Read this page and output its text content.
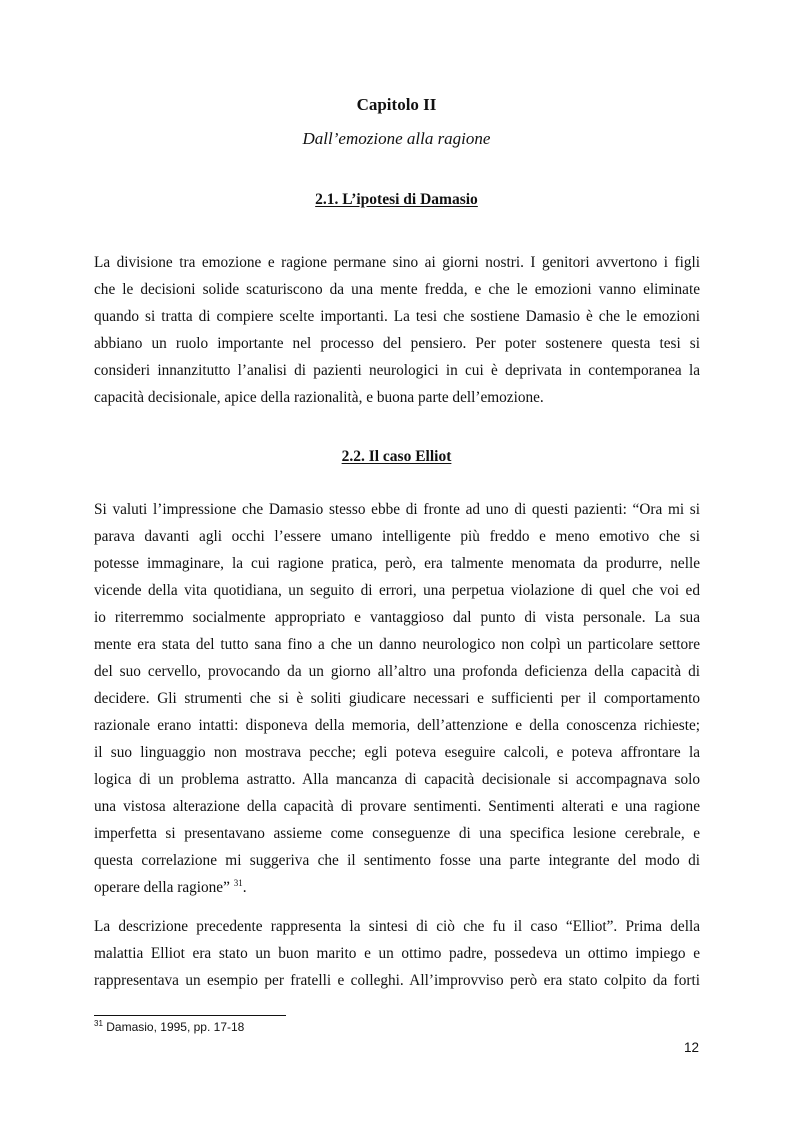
Capitolo II
Dall’emozione alla ragione
2.1. L’ipotesi di Damasio
La divisione tra emozione e ragione permane sino ai giorni nostri. I genitori avvertono i figli
che le decisioni solide scaturiscono da una mente fredda, e che le emozioni vanno eliminate
quando si tratta di compiere scelte importanti. La tesi che sostiene Damasio è che le emozioni
abbiano un ruolo importante nel processo del pensiero. Per poter sostenere questa tesi si
consideri innanzitutto l’analisi di pazienti neurologici in cui è deprivata in contemporanea la
capacità decisionale, apice della razionalità, e buona parte dell’emozione.
2.2. Il caso Elliot
Si valuti l’impressione che Damasio stesso ebbe di fronte ad uno di questi pazienti: “Ora mi si
parava davanti agli occhi l’essere umano intelligente più freddo e meno emotivo che si
potesse immaginare, la cui ragione pratica, però, era talmente menomata da produrre, nelle
vicende della vita quotidiana, un seguito di errori, una perpetua violazione di quel che voi ed
io riterremmo socialmente appropriato e vantaggioso dal punto di vista personale. La sua
mente era stata del tutto sana fino a che un danno neurologico non colpì un particolare settore
del suo cervello, provocando da un giorno all’altro una profonda deficienza della capacità di
decidere. Gli strumenti che si è soliti giudicare necessari e sufficienti per il comportamento
razionale erano intatti: disponeva della memoria, dell’attenzione e della conoscenza richieste;
il suo linguaggio non mostrava pecche; egli poteva eseguire calcoli, e poteva affrontare la
logica di un problema astratto. Alla mancanza di capacità decisionale si accompagnava solo
una vistosa alterazione della capacità di provare sentimenti. Sentimenti alterati e una ragione
imperfetta si presentavano assieme come conseguenze di una specifica lesione cerebrale, e
questa correlazione mi suggeriva che il sentimento fosse una parte integrante del modo di
operare della ragione” $^{31}$.
La descrizione precedente rappresenta la sintesi di ciò che fu il caso “Elliot”. Prima della
malattia Elliot era stato un buon marito e un ottimo padre, possedeva un ottimo impiego e
rappresentava un esempio per fratelli e colleghi. All’improvviso però era stato colpito da forti
$^{31}$ Damasio, 1995, pp. 17-18
12
